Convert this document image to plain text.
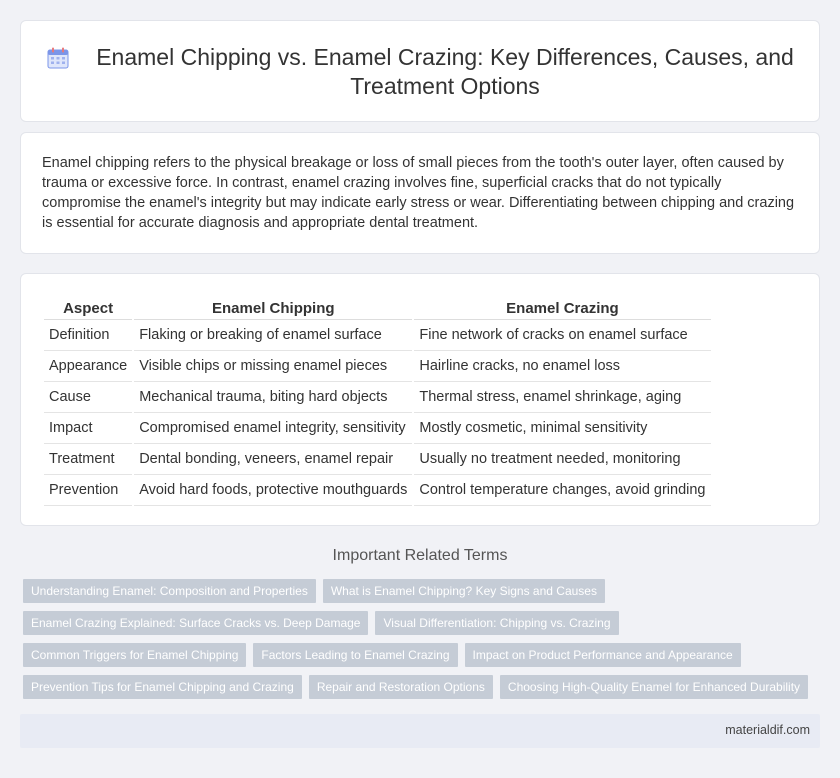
Enamel Chipping vs. Enamel Crazing: Key Differences, Causes, and Treatment Options

Enamel chipping refers to the physical breakage or loss of small pieces from the tooth's outer layer, often caused by trauma or excessive force. In contrast, enamel crazing involves fine, superficial cracks that do not typically compromise the enamel's integrity but may indicate early stress or wear. Differentiating between chipping and crazing is essential for accurate diagnosis and appropriate dental treatment.

Aspect	Enamel Chipping	Enamel Crazing
Definition	Flaking or breaking of enamel surface	Fine network of cracks on enamel surface
Appearance	Visible chips or missing enamel pieces	Hairline cracks, no enamel loss
Cause	Mechanical trauma, biting hard objects	Thermal stress, enamel shrinkage, aging
Impact	Compromised enamel integrity, sensitivity	Mostly cosmetic, minimal sensitivity
Treatment	Dental bonding, veneers, enamel repair	Usually no treatment needed, monitoring
Prevention	Avoid hard foods, protective mouthguards	Control temperature changes, avoid grinding
Important Related Terms
Understanding Enamel: Composition and Properties	What is Enamel Chipping? Key Signs and Causes
Enamel Crazing Explained: Surface Cracks vs. Deep Damage	Visual Differentiation: Chipping vs. Crazing
Common Triggers for Enamel Chipping	Factors Leading to Enamel Crazing	Impact on Product Performance and Appearance
Prevention Tips for Enamel Chipping and Crazing	Repair and Restoration Options	Choosing High-Quality Enamel for Enhanced Durability
materialdif.com
